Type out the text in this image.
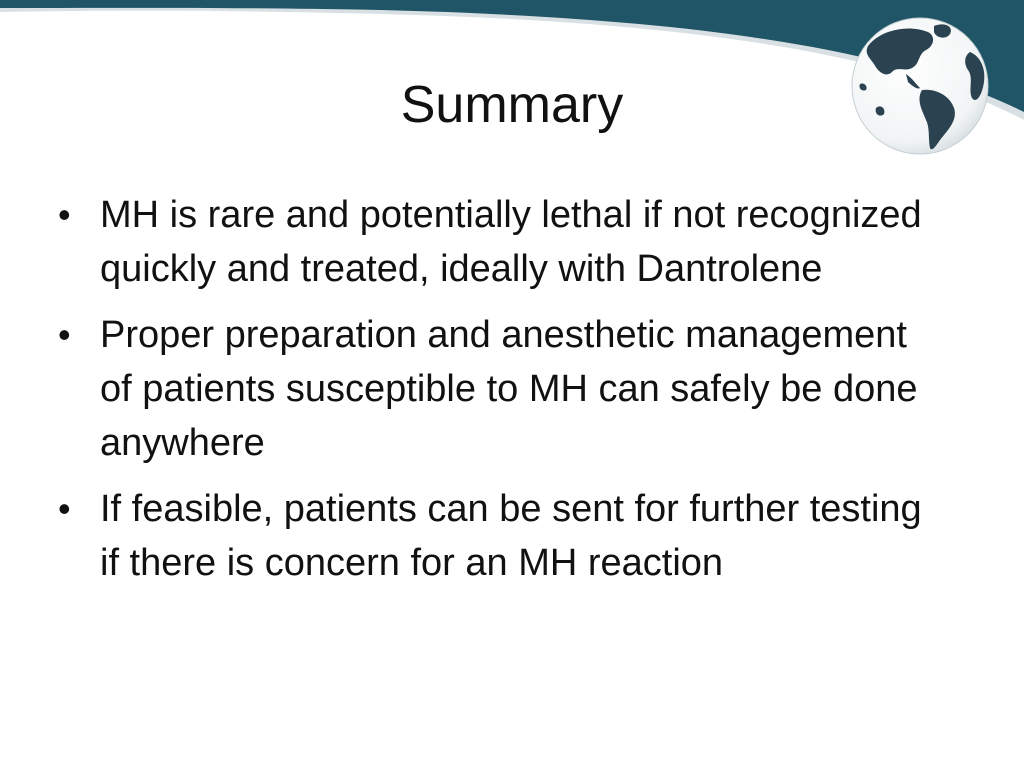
Summary
• MH is rare and potentially lethal if not recognized quickly and treated, ideally with Dantrolene
• Proper preparation and anesthetic management of patients susceptible to MH can safely be done anywhere
• If feasible, patients can be sent for further testing if there is concern for an MH reaction
